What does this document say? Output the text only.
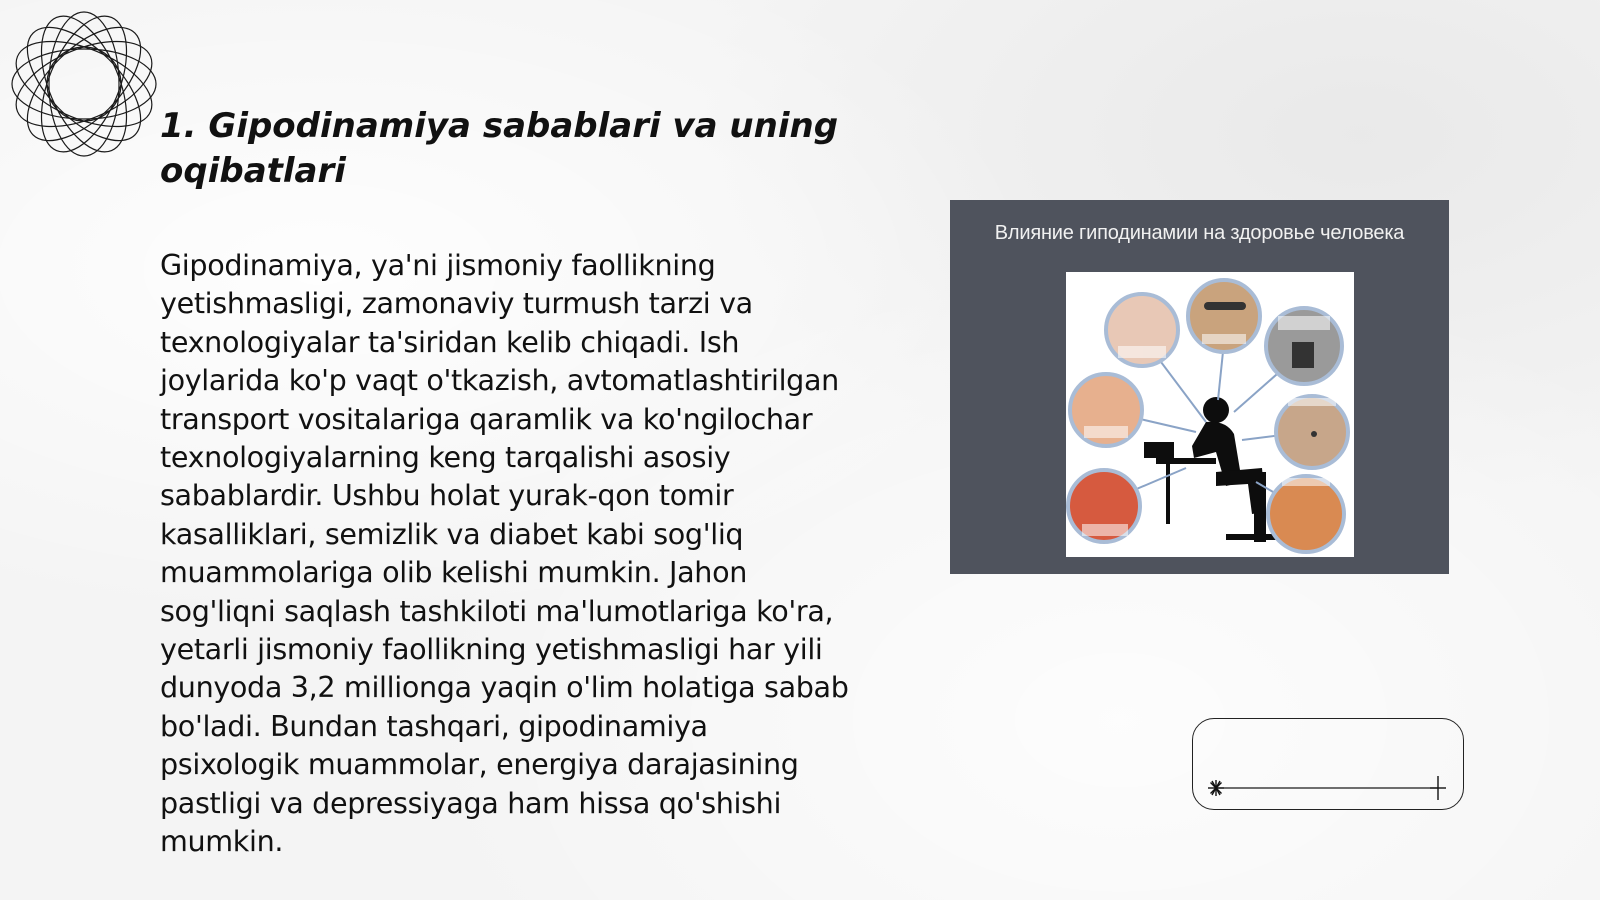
1. Gipodinamiya sabablari va uning oqibatlari

Gipodinamiya, ya'ni jismoniy faollikning yetishmasligi, zamonaviy turmush tarzi va texnologiyalar ta'siridan kelib chiqadi. Ish joylarida ko'p vaqt o'tkazish, avtomatlashtirilgan transport vositalariga qaramlik va ko'ngilochar texnologiyalarning keng tarqalishi asosiy sabablardir. Ushbu holat yurak-qon tomir kasalliklari, semizlik va diabet kabi sog'liq muammolariga olib kelishi mumkin. Jahon sog'liqni saqlash tashkiloti ma'lumotlariga ko'ra, yetarli jismoniy faollikning yetishmasligi har yili dunyoda 3,2 millionga yaqin o'lim holatiga sabab bo'ladi. Bundan tashqari, gipodinamiya psixologik muammolar, energiya darajasining pastligi va depressiyaga ham hissa qo'shishi mumkin.

Влияние гиподинамии на здоровье человека
